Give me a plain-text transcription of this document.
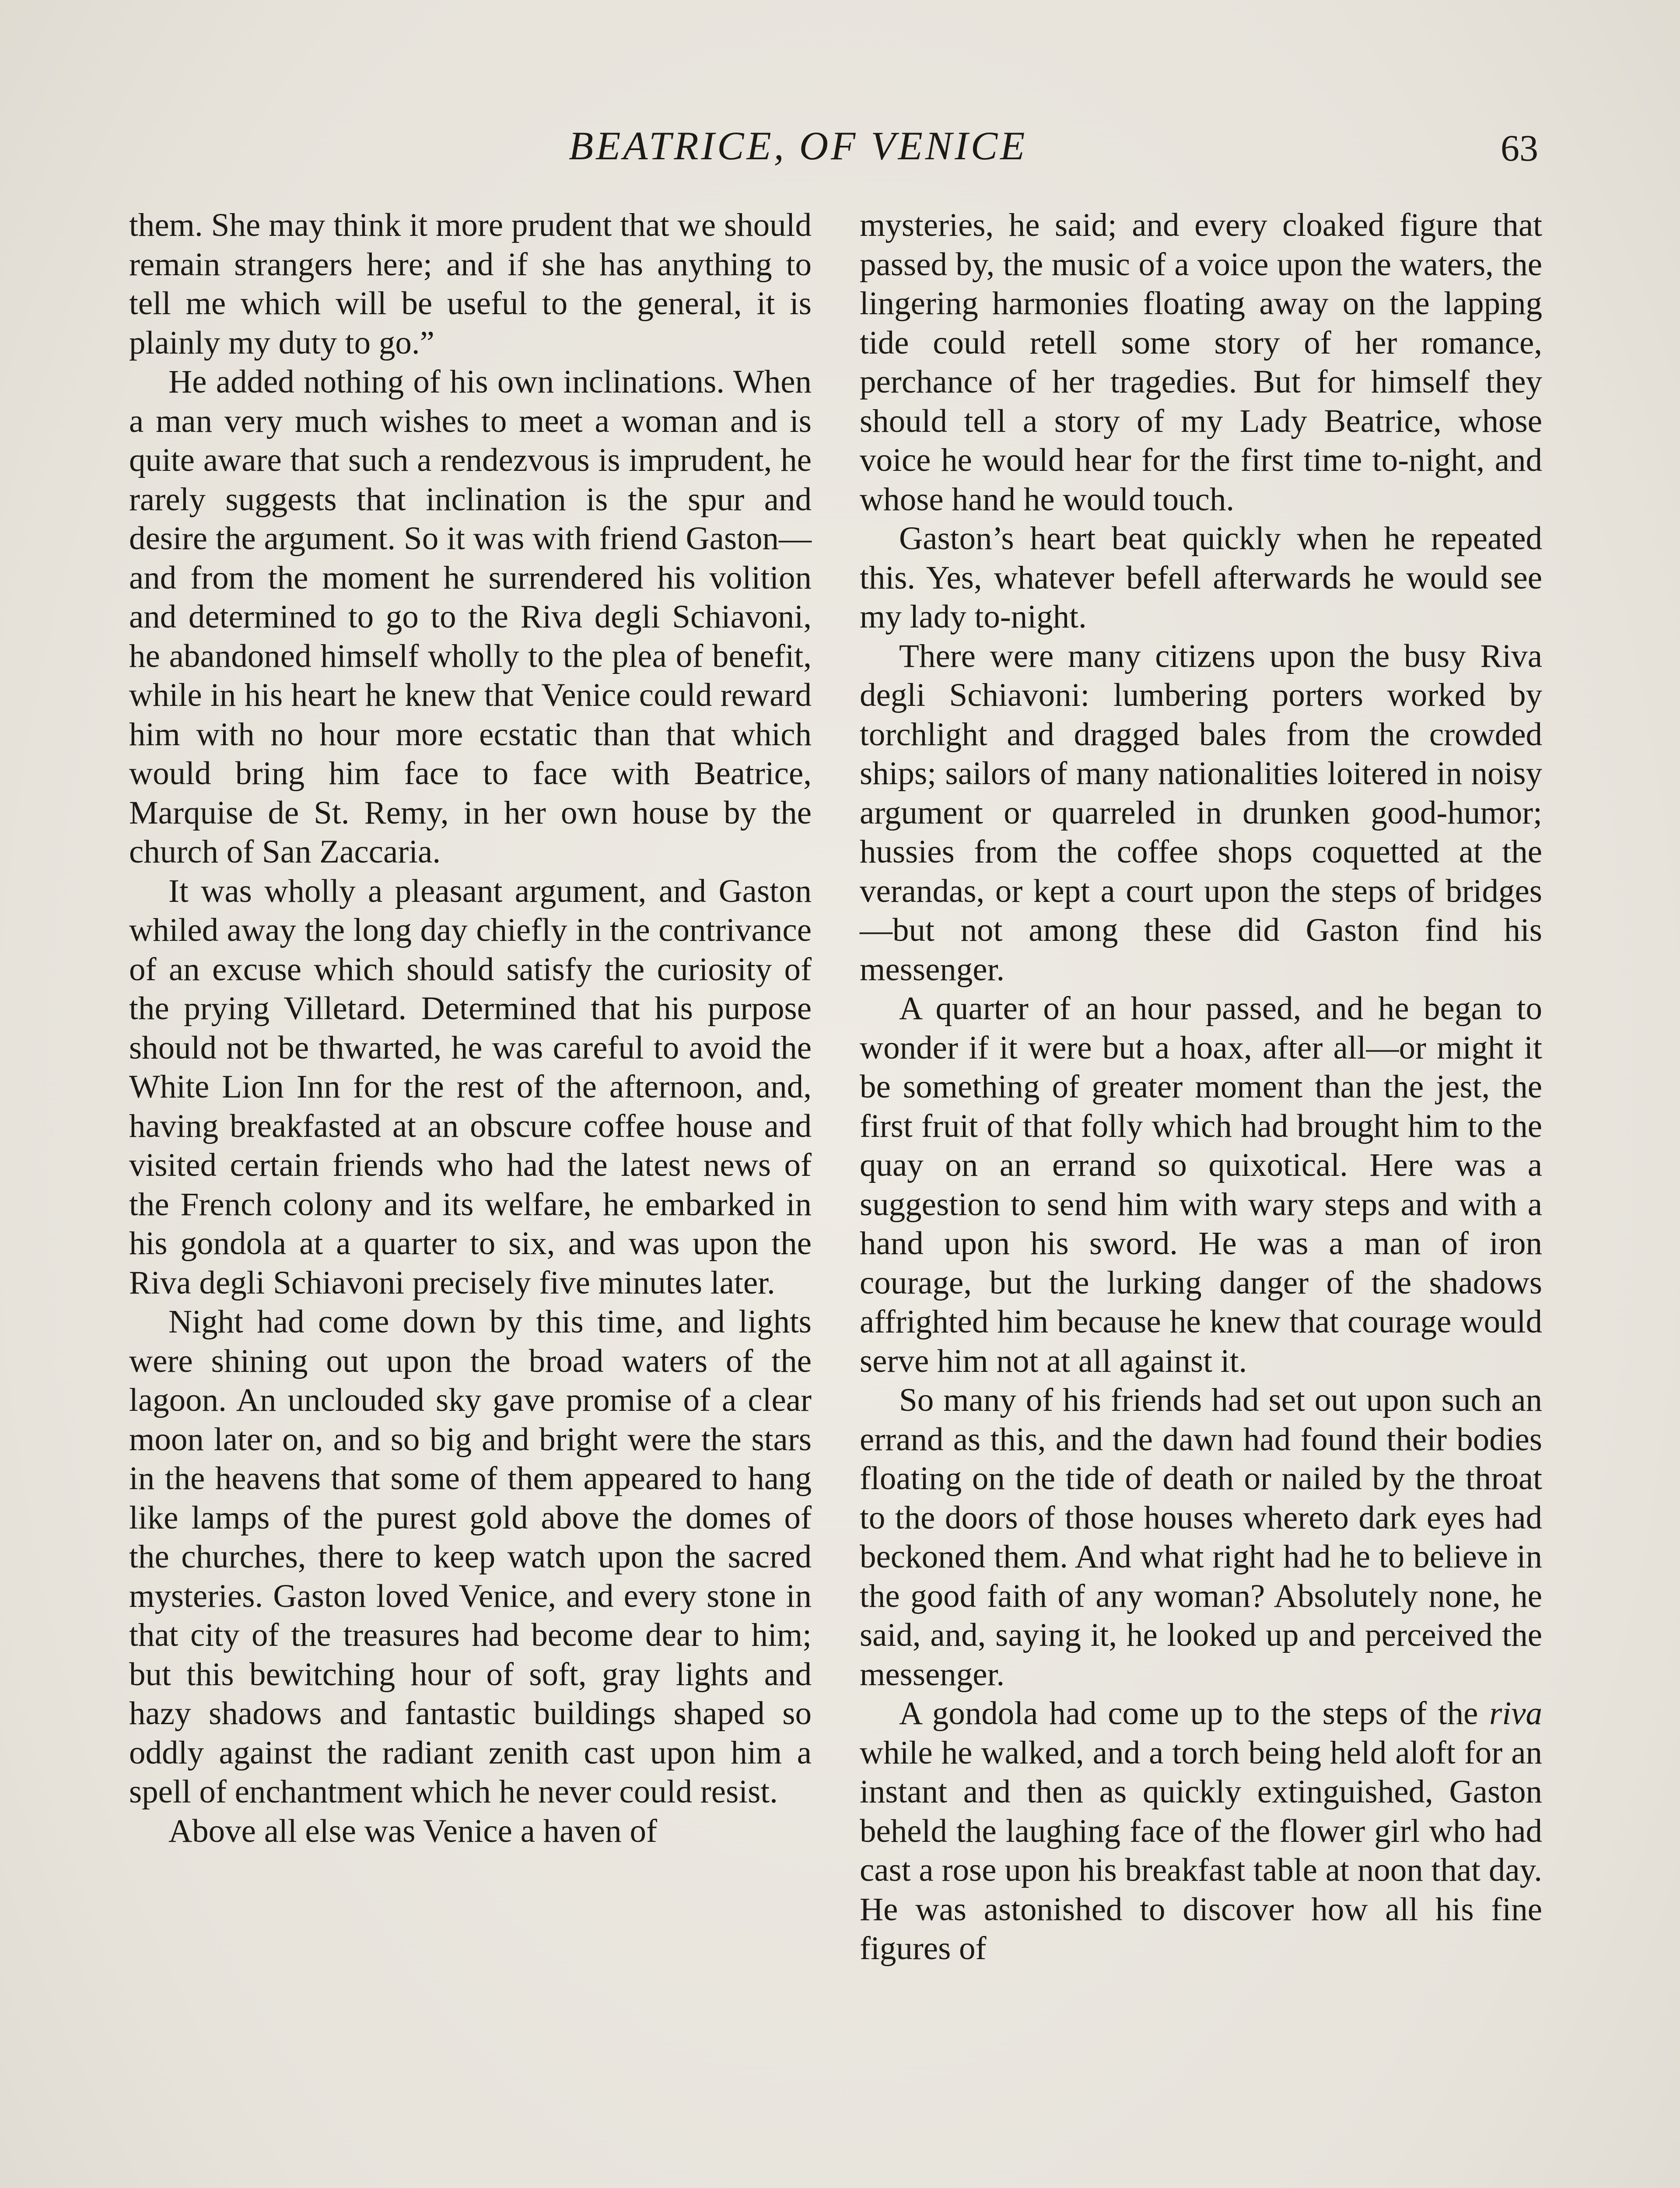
BEATRICE, OF VENICE	63

them. She may think it more prudent that we should remain strangers here; and if she has anything to tell me which will be useful to the general, it is plainly my duty to go.”

He added nothing of his own inclinations. When a man very much wishes to meet a woman and is quite aware that such a rendezvous is imprudent, he rarely suggests that inclination is the spur and desire the argument. So it was with friend Gaston—and from the moment he surrendered his volition and determined to go to the Riva degli Schiavoni, he abandoned himself wholly to the plea of benefit, while in his heart he knew that Venice could reward him with no hour more ecstatic than that which would bring him face to face with Beatrice, Marquise de St. Remy, in her own house by the church of San Zaccaria.

It was wholly a pleasant argument, and Gaston whiled away the long day chiefly in the contrivance of an excuse which should satisfy the curiosity of the prying Villetard. Determined that his purpose should not be thwarted, he was careful to avoid the White Lion Inn for the rest of the afternoon, and, having breakfasted at an obscure coffee house and visited certain friends who had the latest news of the French colony and its welfare, he embarked in his gondola at a quarter to six, and was upon the Riva degli Schiavoni precisely five minutes later.

Night had come down by this time, and lights were shining out upon the broad waters of the lagoon. An unclouded sky gave promise of a clear moon later on, and so big and bright were the stars in the heavens that some of them appeared to hang like lamps of the purest gold above the domes of the churches, there to keep watch upon the sacred mysteries. Gaston loved Venice, and every stone in that city of the treasures had become dear to him; but this bewitching hour of soft, gray lights and hazy shadows and fantastic buildings shaped so oddly against the radiant zenith cast upon him a spell of enchantment which he never could resist.

Above all else was Venice a haven of

mysteries, he said; and every cloaked figure that passed by, the music of a voice upon the waters, the lingering harmonies floating away on the lapping tide could retell some story of her romance, perchance of her tragedies. But for himself they should tell a story of my Lady Beatrice, whose voice he would hear for the first time to-night, and whose hand he would touch.

Gaston’s heart beat quickly when he repeated this. Yes, whatever befell afterwards he would see my lady to-night.

There were many citizens upon the busy Riva degli Schiavoni: lumbering porters worked by torchlight and dragged bales from the crowded ships; sailors of many nationalities loitered in noisy argument or quarreled in drunken good-humor; hussies from the coffee shops coquetted at the verandas, or kept a court upon the steps of bridges—but not among these did Gaston find his messenger.

A quarter of an hour passed, and he began to wonder if it were but a hoax, after all—or might it be something of greater moment than the jest, the first fruit of that folly which had brought him to the quay on an errand so quixotical. Here was a suggestion to send him with wary steps and with a hand upon his sword. He was a man of iron courage, but the lurking danger of the shadows affrighted him because he knew that courage would serve him not at all against it.

So many of his friends had set out upon such an errand as this, and the dawn had found their bodies floating on the tide of death or nailed by the throat to the doors of those houses whereto dark eyes had beckoned them. And what right had he to believe in the good faith of any woman? Absolutely none, he said, and, saying it, he looked up and perceived the messenger.

A gondola had come up to the steps of the riva while he walked, and a torch being held aloft for an instant and then as quickly extinguished, Gaston beheld the laughing face of the flower girl who had cast a rose upon his breakfast table at noon that day. He was astonished to discover how all his fine figures of
